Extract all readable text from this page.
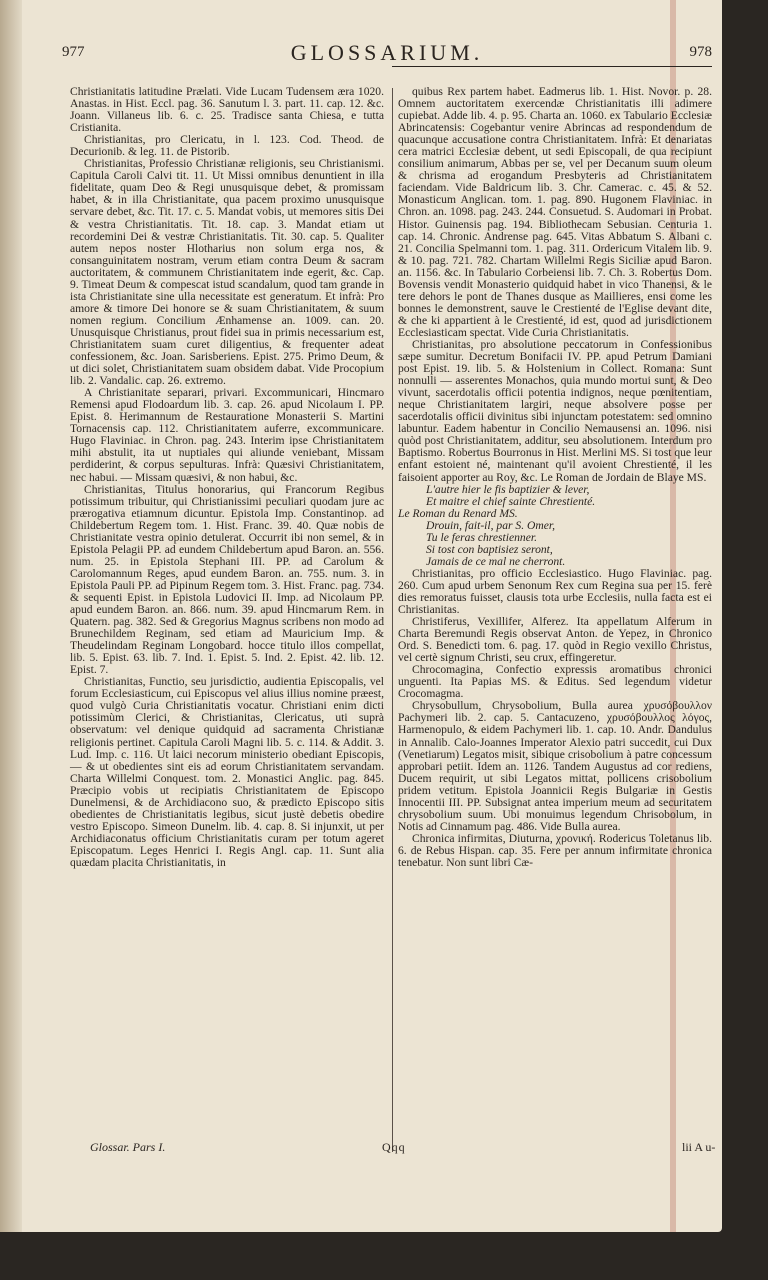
977	GLOSSARIUM.	978

Christianitatis latitudine Prælati. Vide Lucam Tudensem æra 1020. Anastas. in Hist. Eccl. pag. 36. Sanutum l. 3. part. 11. cap. 12. &c. Joann. Villaneus lib. 6. c. 25. Tradisce santa Chiesa, e tutta Cristianita.

Christianitas, pro Clericatu, in l. 123. Cod. Theod. de Decurionib. & leg. 11. de Pistorib.

Christianitas, Professio Christianæ religionis, seu Christianismi. Capitula Caroli Calvi tit. 11. Ut Missi omnibus denuntient in illa fidelitate, quam Deo & Regi unusquisque debet, & promissam habet, & in illa Christianitate, qua pacem proximo unusquisque servare debet, &c. Tit. 17. c. 5. Mandat vobis, ut memores sitis Dei & vestra Christianitatis. Tit. 18. cap. 3. Mandat etiam ut recordemini Dei & vestræ Christianitatis. Tit. 30. cap. 5. Qualiter autem nepos noster Hlotharius non solum erga nos, & consanguinitatem nostram, verum etiam contra Deum & sacram auctoritatem, & communem Christianitatem inde egerit, &c. Cap. 9. Timeat Deum & compescat istud scandalum, quod tam grande in ista Christianitate sine ulla necessitate est generatum. Et infrà: Pro amore & timore Dei honore se & suam Christianitatem, & suum nomen regium. Concilium Ænhamense an. 1009. can. 20. Unusquisque Christianus, prout fidei sua in primis necessarium est, Christianitatem suam curet diligentius, & frequenter adeat confessionem, &c. Joan. Sarisberiens. Epist. 275. Primo Deum, & ut dici solet, Christianitatem suam obsidem dabat. Vide Procopium lib. 2. Vandalic. cap. 26. extremo.

A Christianitate separari, privari. Excommunicari, Hincmaro Remensi apud Flodoardum lib. 3. cap. 26. apud Nicolaum I. PP. Epist. 8. Herimannum de Restauratione Monasterii S. Martini Tornacensis cap. 112. Christianitatem auferre, excommunicare. Hugo Flaviniac. in Chron. pag. 243. Interim ipse Christianitatem mihi abstulit, ita ut nuptiales qui aliunde veniebant, Missam perdiderint, & corpus sepulturas. Infrà: Quæsivi Christianitatem, nec habui. — Missam quæsivi, & non habui, &c.

Christianitas, Titulus honorarius, qui Francorum Regibus potissimum tribuitur, qui Christianissimi peculiari quodam jure ac prærogativa etiamnum dicuntur. Epistola Imp. Constantinop. ad Childebertum Regem tom. 1. Hist. Franc. 39. 40. Quæ nobis de Christianitate vestra opinio detulerat. Occurrit ibi non semel, & in Epistola Pelagii PP. ad eundem Childebertum apud Baron. an. 556. num. 25. in Epistola Stephani III. PP. ad Carolum & Carolomannum Reges, apud eundem Baron. an. 755. num. 3. in Epistola Pauli PP. ad Pipinum Regem tom. 3. Hist. Franc. pag. 734. & sequenti Epist. in Epistola Ludovici II. Imp. ad Nicolaum PP. apud eundem Baron. an. 866. num. 39. apud Hincmarum Rem. in Quatern. pag. 382. Sed & Gregorius Magnus scribens non modo ad Brunechildem Reginam, sed etiam ad Mauricium Imp. & Theudelindam Reginam Longobard. hocce titulo illos compellat, lib. 5. Epist. 63. lib. 7. Ind. 1. Epist. 5. Ind. 2. Epist. 42. lib. 12. Epist. 7.

Christianitas, Functio, seu jurisdictio, audientia Episcopalis, vel forum Ecclesiasticum, cui Episcopus vel alius illius nomine præest, quod vulgò Curia Christianitatis vocatur. Christiani enim dicti potissimùm Clerici, & Christianitas, Clericatus, uti suprà observatum: vel denique quidquid ad sacramenta Christianæ religionis pertinet. Capitula Caroli Magni lib. 5. c. 114. & Addit. 3. Lud. Imp. c. 116. Ut laici necorum ministerio obediant Episcopis, — & ut obedientes sint eis ad eorum Christianitatem servandam. Charta Willelmi Conquest. tom. 2. Monastici Anglic. pag. 845. Præcipio vobis ut recipiatis Christianitatem de Episcopo Dunelmensi, & de Archidiacono suo, & prædicto Episcopo sitis obedientes de Christianitatis legibus, sicut justè debetis obedire vestro Episcopo. Simeon Dunelm. lib. 4. cap. 8. Si injunxit, ut per Archidiaconatus officium Christianitatis curam per totum ageret Episcopatum. Leges Henrici I. Regis Angl. cap. 11. Sunt alia quædam placita Christianitatis, in

quibus Rex partem habet. Eadmerus lib. 1. Hist. Novor. p. 28. Omnem auctoritatem exercendæ Christianitatis illi adimere cupiebat. Adde lib. 4. p. 95. Charta an. 1060. ex Tabulario Ecclesiæ Abrincatensis: Cogebantur venire Abrincas ad respondendum de quacunque accusatione contra Christianitatem. Infrà: Et denariatas cera matrici Ecclesiæ debent, ut sedi Episcopali, de qua recipiunt consilium animarum, Abbas per se, vel per Decanum suum oleum & chrisma ad erogandum Presbyteris ad Christianitatem faciendam. Vide Baldricum lib. 3. Chr. Camerac. c. 45. & 52. Monasticum Anglican. tom. 1. pag. 890. Hugonem Flaviniac. in Chron. an. 1098. pag. 243. 244. Consuetud. S. Audomari in Probat. Histor. Guinensis pag. 194. Bibliothecam Sebusian. Centuria 1. cap. 14. Chronic. Andrense pag. 645. Vitas Abbatum S. Albani c. 21. Concilia Spelmanni tom. 1. pag. 311. Ordericum Vitalem lib. 9. & 10. pag. 721. 782. Chartam Willelmi Regis Siciliæ apud Baron. an. 1156. &c. In Tabulario Corbeiensi lib. 7. Ch. 3. Robertus Dom. Bovensis vendit Monasterio quidquid habet in vico Thanensi, & le tere dehors le pont de Thanes dusque as Maillieres, ensi come les bonnes le demonstrent, sauve le Crestienté de l'Eglise devant dite, & che ki appartient à le Crestienté, id est, quod ad jurisdictionem Ecclesiasticam spectat. Vide Curia Christianitatis.

Christianitas, pro absolutione peccatorum in Confessionibus sæpe sumitur. Decretum Bonifacii IV. PP. apud Petrum Damiani post Epist. 19. lib. 5. & Holstenium in Collect. Romana: Sunt nonnulli — asserentes Monachos, quia mundo mortui sunt, & Deo vivunt, sacerdotalis officii potentia indignos, neque pœnitentiam, neque Christianitatem largiri, neque absolvere posse per sacerdotalis officii divinitus sibi injunctam potestatem: sed omnino labuntur. Eadem habentur in Concilio Nemausensi an. 1096. nisi quòd post Christianitatem, additur, seu absolutionem. Interdum pro Baptismo. Robertus Bourronus in Hist. Merlini MS. Si tost que leur enfant estoient né, maintenant qu'il avoient Chrestienté, il les faisoient apporter au Roy, &c. Le Roman de Jordain de Blaye MS.

L'autre hier le fis baptizier & lever,

Et maitre el chief sainte Chrestienté.

Le Roman du Renard MS.

Drouin, fait-il, par S. Omer,

Tu le feras chrestienner.

Si tost con baptisiez seront,

Jamais de ce mal ne cherront.

Christianitas, pro officio Ecclesiastico. Hugo Flaviniac. pag. 260. Cum apud urbem Senonum Rex cum Regina sua per 15. ferè dies remoratus fuisset, clausis tota urbe Ecclesiis, nulla facta est ei Christianitas.

Christiferus, Vexillifer, Alferez. Ita appellatum Alferum in Charta Beremundi Regis observat Anton. de Yepez, in Chronico Ord. S. Benedicti tom. 6. pag. 17. quòd in Regio vexillo Christus, vel certè signum Christi, seu crux, effingeretur.

Chrocomagina, Confectio expressis aromatibus chronici unguenti. Ita Papias MS. & Editus. Sed legendum videtur Crocomagma.

Chrysobullum, Chrysobolium, Bulla aurea χρυσόβουλλον Pachymeri lib. 2. cap. 5. Cantacuzeno, χρυσόβουλλος λόγος, Harmenopulo, & eidem Pachymeri lib. 1. cap. 10. Andr. Dandulus in Annalib. Calo-Joannes Imperator Alexio patri succedit, cui Dux (Venetiarum) Legatos misit, sibique crisobolium à patre concessum approbari petiit. Idem an. 1126. Tandem Augustus ad cor rediens, Ducem requirit, ut sibi Legatos mittat, pollicens crisobolium pridem vetitum. Epistola Joannicii Regis Bulgariæ in Gestis Innocentii III. PP. Subsignat antea imperium meum ad securitatem chrysobolium suum. Ubi monuimus legendum Chrisobolum, in Notis ad Cinnamum pag. 486. Vide Bulla aurea.

Chronica infirmitas, Diuturna, χρονική. Rodericus Toletanus lib. 6. de Rebus Hispan. cap. 35. Fere per annum infirmitate chronica tenebatur. Non sunt libri Cæ-

Glossar. Pars I.	Qqq	lii A u-
